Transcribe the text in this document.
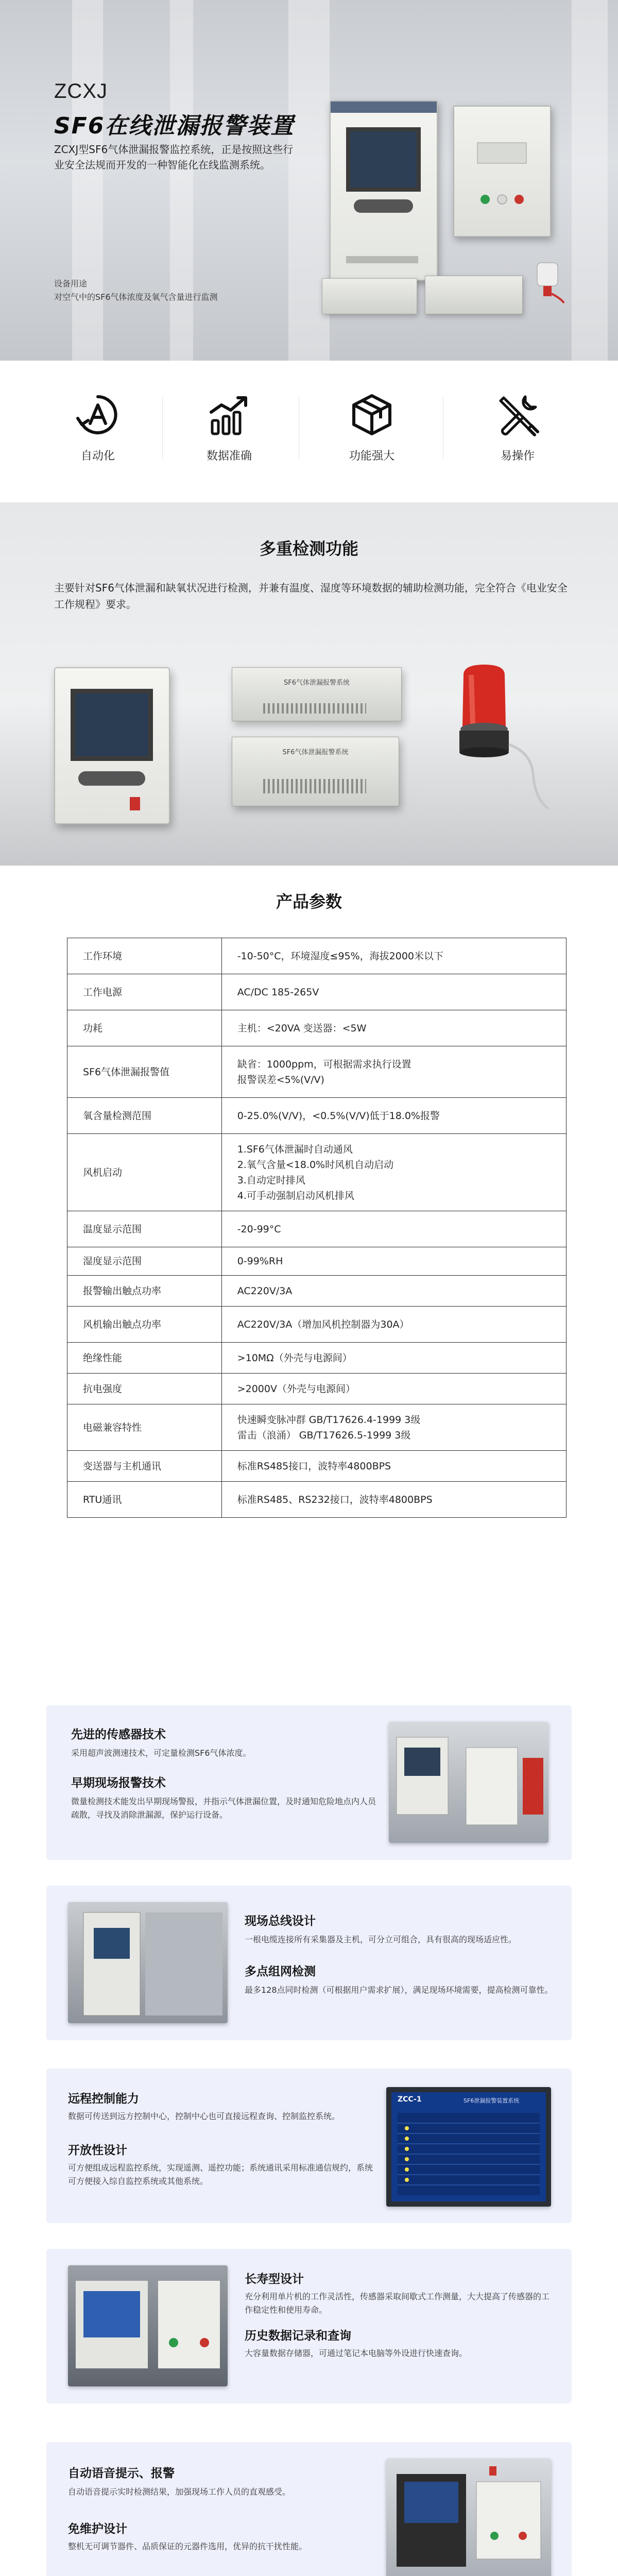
ZCXJ
SF6在线泄漏报警装置
ZCXJ型SF6气体泄漏报警监控系统，正是按照这些行业安全法规而开发的一种智能化在线监测系统。
设备用途
对空气中的SF6气体浓度及氧气含量进行监测
自动化	数据准确	功能强大	易操作
多重检测功能
主要针对SF6气体泄漏和缺氧状况进行检测，并兼有温度、湿度等环境数据的辅助检测功能，完全符合《电业安全工作规程》要求。
SF6气体泄漏报警系统
SF6气体泄漏报警系统
产品参数
工作环境	-10-50°C，环境湿度≤95%，海拔2000米以下
工作电源	AC/DC 185-265V
功耗	主机：<20VA 变送器：<5W
SF6气体泄漏报警值	缺省：1000ppm，可根据需求执行设置
报警误差<5%(V/V)
氧含量检测范围	0-25.0%(V/V)，<0.5%(V/V)低于18.0%报警
风机启动	1.SF6气体泄漏时自动通风
2.氧气含量<18.0%时风机自动启动
3.自动定时排风
4.可手动强制启动风机排风
温度显示范围	-20-99°C
湿度显示范围	0-99%RH
报警输出触点功率	AC220V/3A
风机输出触点功率	AC220V/3A（增加风机控制器为30A）
绝缘性能	>10MΩ（外壳与电源间）
抗电强度	>2000V（外壳与电源间）
电磁兼容特性	快速瞬变脉冲群 GB/T17626.4-1999 3级
雷击（浪涌） GB/T17626.5-1999 3级
变送器与主机通讯	标准RS485接口，波特率4800BPS
RTU通讯	标准RS485、RS232接口，波特率4800BPS
先进的传感器技术
采用超声波测速技术，可定量检测SF6气体浓度。
早期现场报警技术
微量检测技术能发出早期现场警报，并指示气体泄漏位置，及时通知危险地点内人员疏散，寻找及消除泄漏源，保护运行设备。
现场总线设计
一根电缆连接所有采集器及主机，可分立可组合，具有很高的现场适应性。
多点组网检测
最多128点同时检测（可根据用户需求扩展），满足现场环境需要，提高检测可靠性。
远程控制能力
数据可传送到远方控制中心，控制中心也可直接远程查询、控制监控系统。
开放性设计
可方便组成远程监控系统，实现遥测、遥控功能；系统通讯采用标准通信规约，系统可方便接入综自监控系统或其他系统。
ZCC-1	SF6泄漏报警装置系统
长寿型设计
充分利用单片机的工作灵活性，传感器采取间歇式工作测量，大大提高了传感器的工作稳定性和使用寿命。
历史数据记录和查询
大容量数据存储器，可通过笔记本电脑等外设进行快速查询。
自动语音提示、报警
自动语音提示实时检测结果，加强现场工作人员的直观感受。
免维护设计
整机无可调节器件、品质保证的元器件选用，优异的抗干扰性能。
